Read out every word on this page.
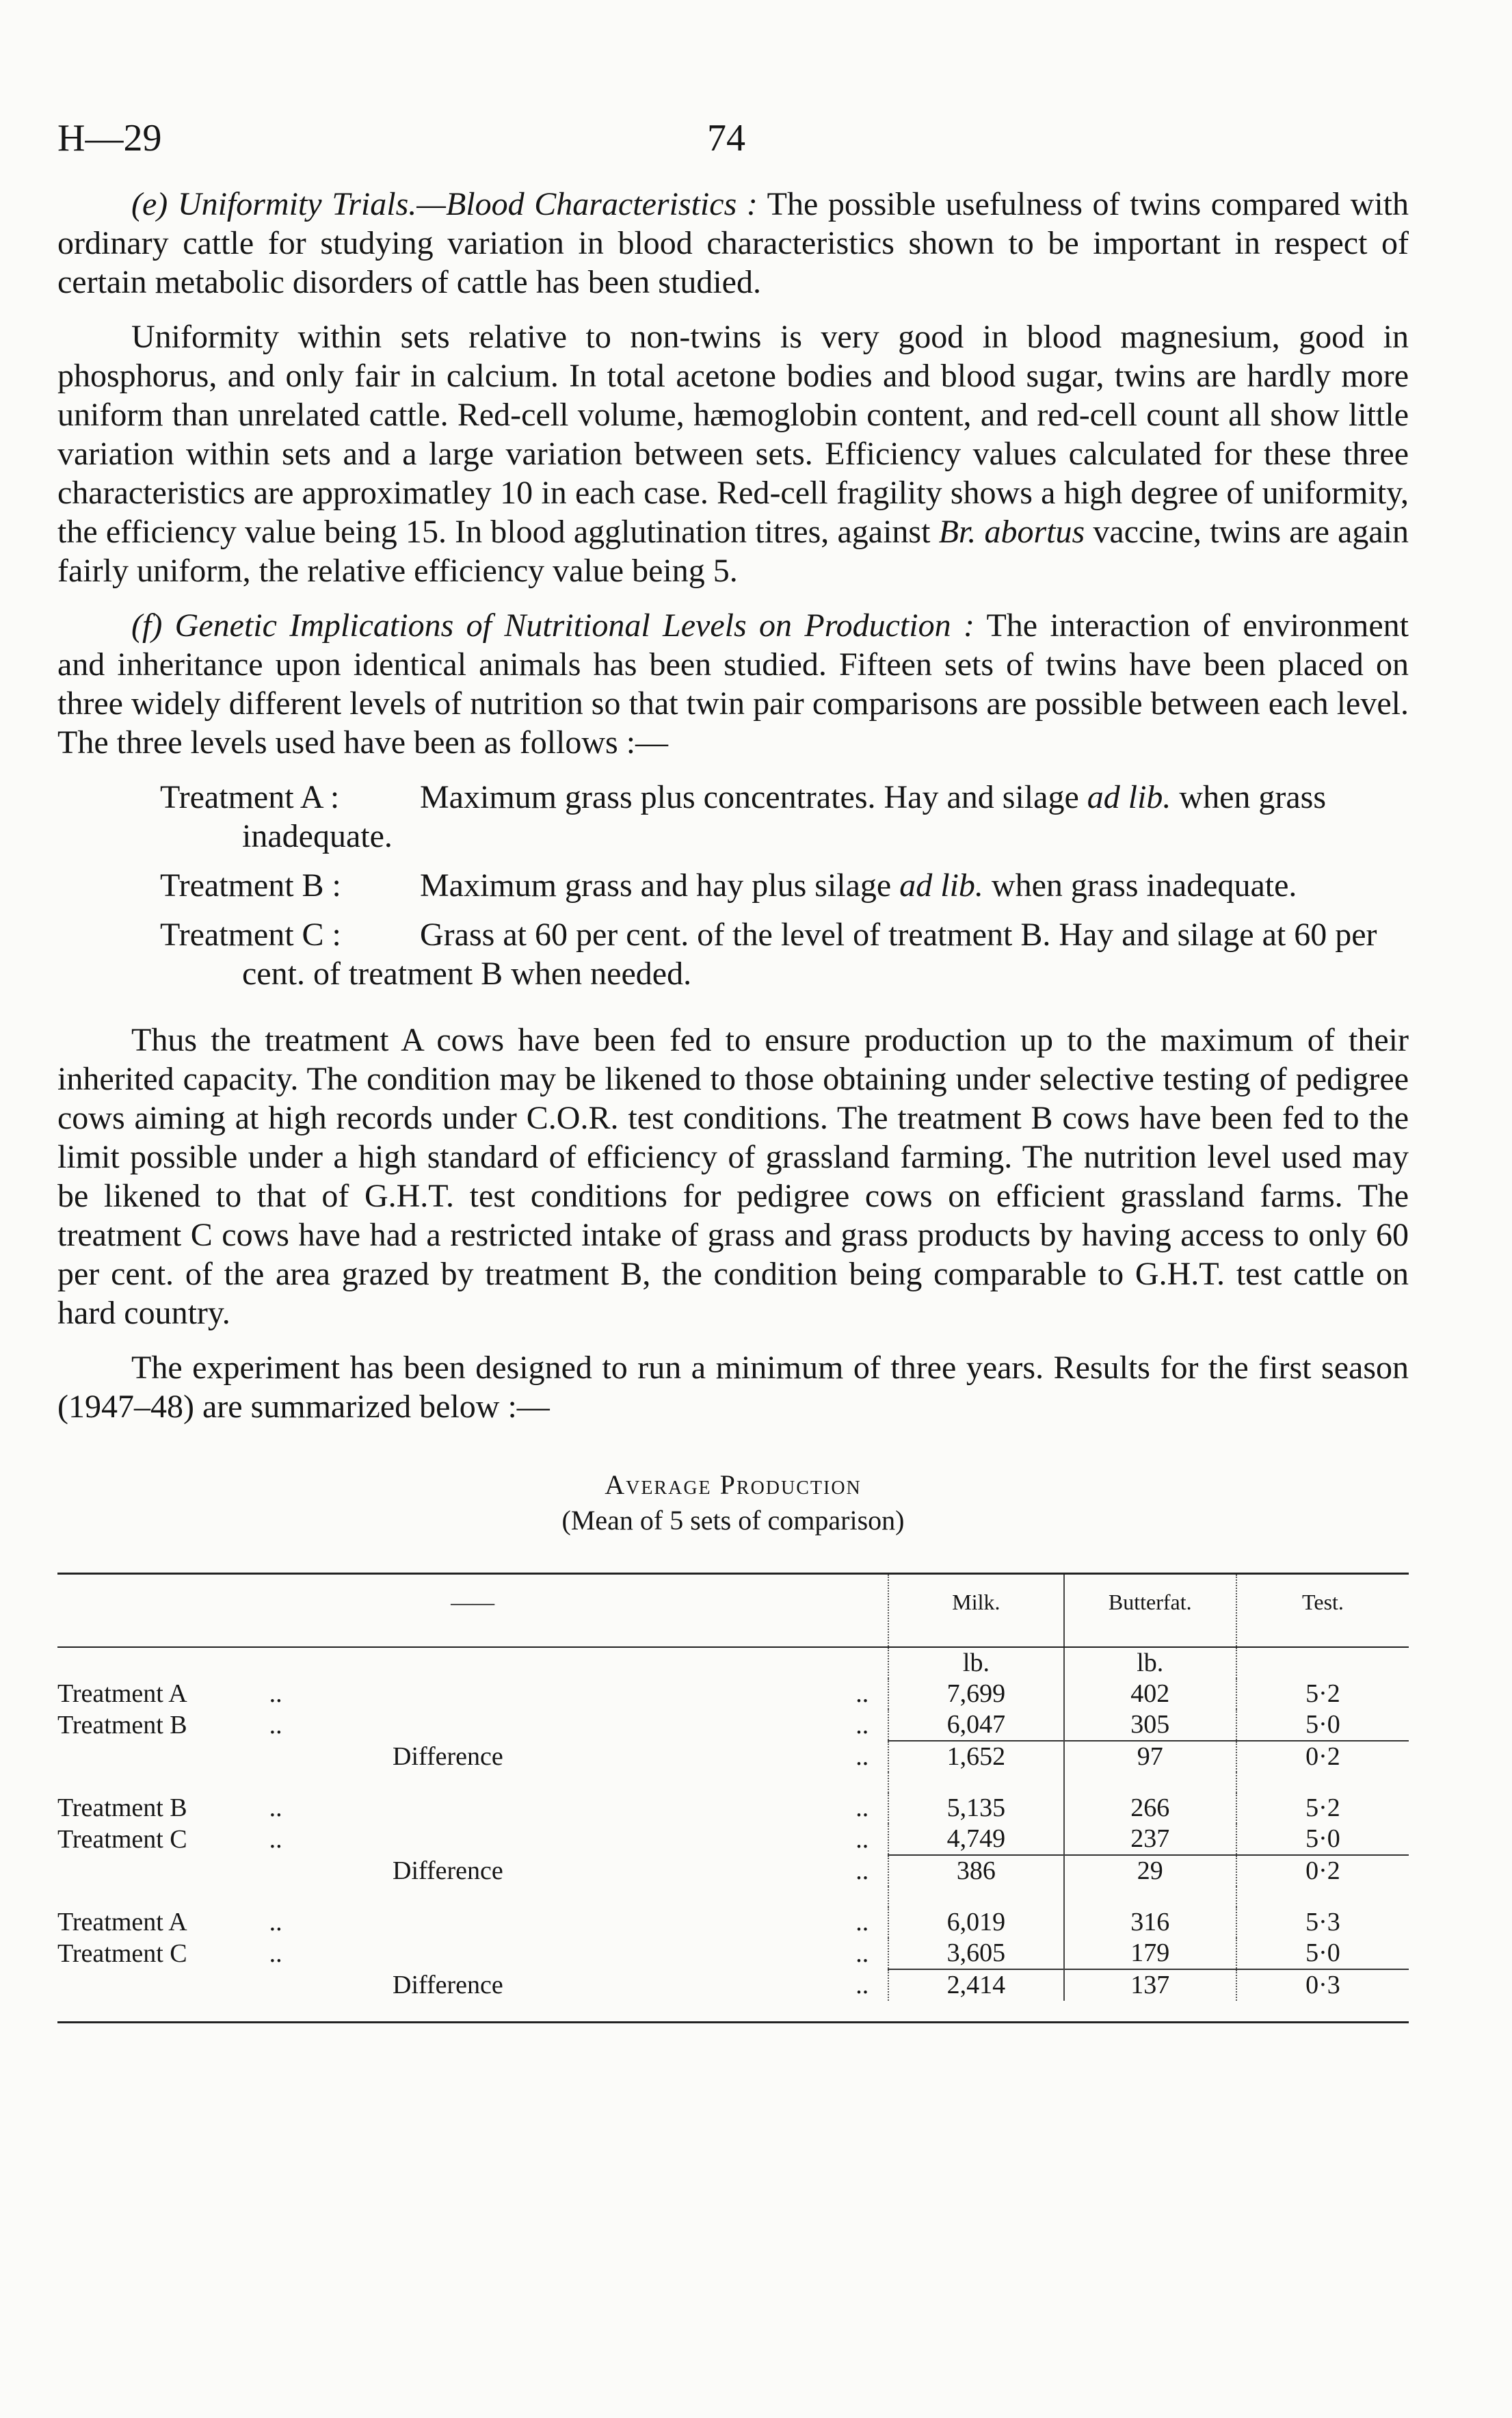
H—29	74

(e) Uniformity Trials.—Blood Characteristics : The possible usefulness of twins compared with ordinary cattle for studying variation in blood characteristics shown to be important in respect of certain metabolic disorders of cattle has been studied.

Uniformity within sets relative to non-twins is very good in blood magnesium, good in phosphorus, and only fair in calcium. In total acetone bodies and blood sugar, twins are hardly more uniform than unrelated cattle. Red-cell volume, hæmoglobin content, and red-cell count all show little variation within sets and a large variation between sets. Efficiency values calculated for these three characteristics are approximatley 10 in each case. Red-cell fragility shows a high degree of uniformity, the efficiency value being 15. In blood agglutination titres, against Br. abortus vaccine, twins are again fairly uniform, the relative efficiency value being 5.

(f) Genetic Implications of Nutritional Levels on Production : The interaction of environment and inheritance upon identical animals has been studied. Fifteen sets of twins have been placed on three widely different levels of nutrition so that twin pair comparisons are possible between each level. The three levels used have been as follows :—

Treatment A : Maximum grass plus concentrates. Hay and silage ad lib. when grass inadequate.
Treatment B : Maximum grass and hay plus silage ad lib. when grass inadequate.
Treatment C : Grass at 60 per cent. of the level of treatment B. Hay and silage at 60 per cent. of treatment B when needed.

Thus the treatment A cows have been fed to ensure production up to the maximum of their inherited capacity. The condition may be likened to those obtaining under selective testing of pedigree cows aiming at high records under C.O.R. test conditions. The treatment B cows have been fed to the limit possible under a high standard of efficiency of grassland farming. The nutrition level used may be likened to that of G.H.T. test conditions for pedigree cows on efficient grassland farms. The treatment C cows have had a restricted intake of grass and grass products by having access to only 60 per cent. of the area grazed by treatment B, the condition being comparable to G.H.T. test cattle on hard country.

The experiment has been designed to run a minimum of three years. Results for the first season (1947–48) are summarized below :—

Average Production
(Mean of 5 sets of comparison)
——	Milk.	Butterfat.	Test.	
	lb.	lb.		
Treatment A .. ..	7,699	402	5·2	
Treatment B .. ..	6,047	305	5·0	
Difference ..	1,652	97	0·2	

Treatment B .. ..	5,135	266	5·2	
Treatment C .. ..	4,749	237	5·0	
Difference ..	386	29	0·2	

Treatment A .. ..	6,019	316	5·3	
Treatment C .. ..	3,605	179	5·0	
Difference ..	2,414	137	0·3	
